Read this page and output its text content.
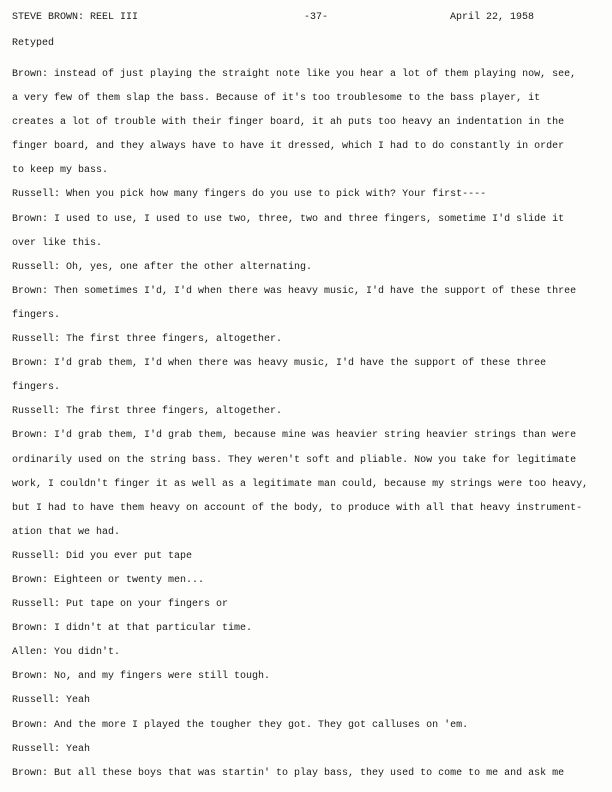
STEVE BROWN: REEL III	-37-	April 22, 1958
Retyped
Brown: instead of just playing the straight note like you hear a lot of them playing now, see,
a very few of them slap the bass. Because of it's too troublesome to the bass player, it
creates a lot of trouble with their finger board, it ah puts too heavy an indentation in the
finger board, and they always have to have it dressed, which I had to do constantly in order
to keep my bass.
Russell: When you pick how many fingers do you use to pick with? Your first----
Brown: I used to use, I used to use two, three, two and three fingers, sometime I'd slide it
over like this.
Russell: Oh, yes, one after the other alternating.
Brown: Then sometimes I'd, I'd when there was heavy music, I'd have the support of these three
fingers.
Russell: The first three fingers, altogether.
Brown: I'd grab them, I'd when there was heavy music, I'd have the support of these three
fingers.
Russell: The first three fingers, altogether.
Brown: I'd grab them, I'd grab them, because mine was heavier string heavier strings than were
ordinarily used on the string bass. They weren't soft and pliable. Now you take for legitimate
work, I couldn't finger it as well as a legitimate man could, because my strings were too heavy,
but I had to have them heavy on account of the body, to produce with all that heavy instrument-
ation that we had.
Russell: Did you ever put tape
Brown: Eighteen or twenty men...
Russell: Put tape on your fingers or
Brown: I didn't at that particular time.
Allen: You didn't.
Brown: No, and my fingers were still tough.
Russell: Yeah
Brown: And the more I played the tougher they got. They got calluses on 'em.
Russell: Yeah
Brown: But all these boys that was startin' to play bass, they used to come to me and ask me
